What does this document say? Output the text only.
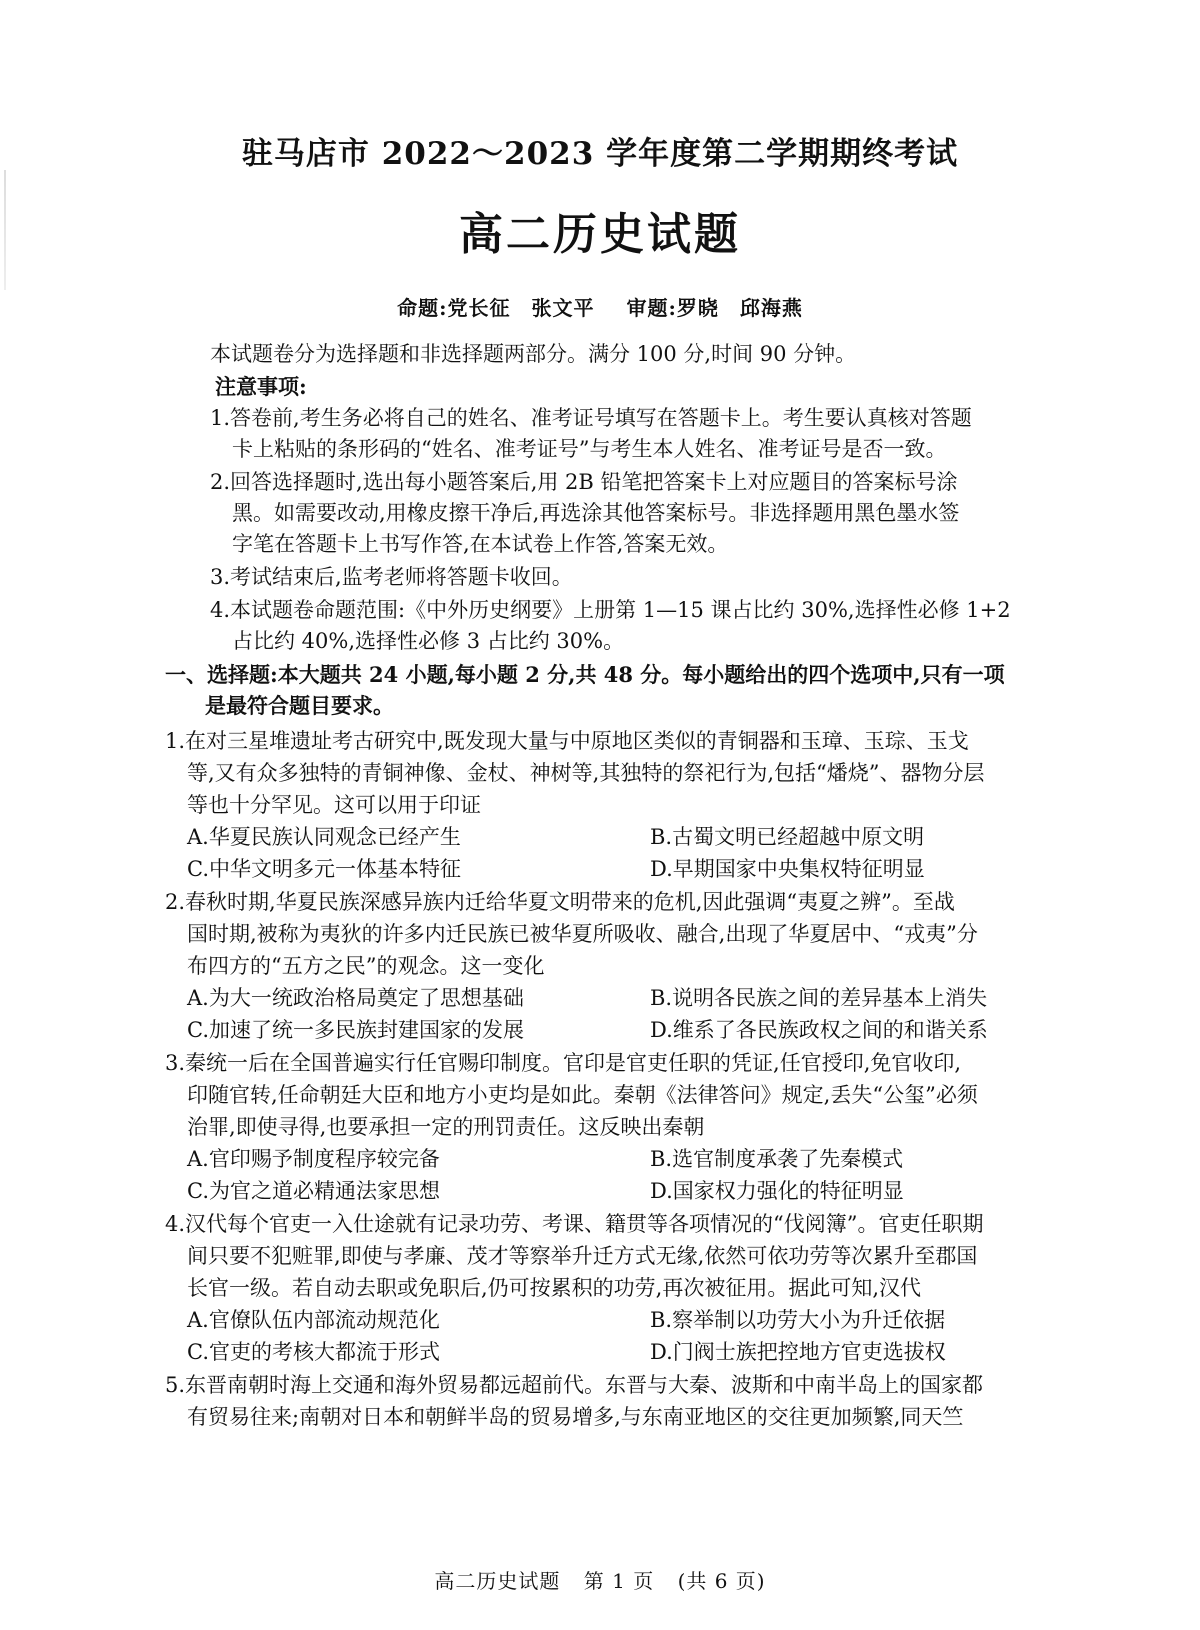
驻马店市 2022～2023 学年度第二学期期终考试
高二历史试题
命题:党长征　张文平 审题:罗晓　邱海燕
本试题卷分为选择题和非选择题两部分。满分 100 分,时间 90 分钟。
注意事项:
1.答卷前,考生务必将自己的姓名、准考证号填写在答题卡上。考生要认真核对答题
卡上粘贴的条形码的“姓名、准考证号”与考生本人姓名、准考证号是否一致。
2.回答选择题时,选出每小题答案后,用 2B 铅笔把答案卡上对应题目的答案标号涂
黑。如需要改动,用橡皮擦干净后,再选涂其他答案标号。非选择题用黑色墨水签
字笔在答题卡上书写作答,在本试卷上作答,答案无效。
3.考试结束后,监考老师将答题卡收回。
4.本试题卷命题范围:《中外历史纲要》上册第 1—15 课占比约 30%,选择性必修 1+2
占比约 40%,选择性必修 3 占比约 30%。
一、选择题:本大题共 24 小题,每小题 2 分,共 48 分。每小题给出的四个选项中,只有一项
是最符合题目要求。
1.在对三星堆遗址考古研究中,既发现大量与中原地区类似的青铜器和玉璋、玉琮、玉戈
等,又有众多独特的青铜神像、金杖、神树等,其独特的祭祀行为,包括“燔烧”、器物分层
等也十分罕见。这可以用于印证
A.华夏民族认同观念已经产生	B.古蜀文明已经超越中原文明
C.中华文明多元一体基本特征	D.早期国家中央集权特征明显
2.春秋时期,华夏民族深感异族内迁给华夏文明带来的危机,因此强调“夷夏之辨”。至战
国时期,被称为夷狄的许多内迁民族已被华夏所吸收、融合,出现了华夏居中、“戎夷”分
布四方的“五方之民”的观念。这一变化
A.为大一统政治格局奠定了思想基础	B.说明各民族之间的差异基本上消失
C.加速了统一多民族封建国家的发展	D.维系了各民族政权之间的和谐关系
3.秦统一后在全国普遍实行任官赐印制度。官印是官吏任职的凭证,任官授印,免官收印,
印随官转,任命朝廷大臣和地方小吏均是如此。秦朝《法律答问》规定,丢失“公玺”必须
治罪,即使寻得,也要承担一定的刑罚责任。这反映出秦朝
A.官印赐予制度程序较完备	B.选官制度承袭了先秦模式
C.为官之道必精通法家思想	D.国家权力强化的特征明显
4.汉代每个官吏一入仕途就有记录功劳、考课、籍贯等各项情况的“伐阅簿”。官吏任职期
间只要不犯赃罪,即使与孝廉、茂才等察举升迁方式无缘,依然可依功劳等次累升至郡国
长官一级。若自动去职或免职后,仍可按累积的功劳,再次被征用。据此可知,汉代
A.官僚队伍内部流动规范化	B.察举制以功劳大小为升迁依据
C.官吏的考核大都流于形式	D.门阀士族把控地方官吏选拔权
5.东晋南朝时海上交通和海外贸易都远超前代。东晋与大秦、波斯和中南半岛上的国家都
有贸易往来;南朝对日本和朝鲜半岛的贸易增多,与东南亚地区的交往更加频繁,同天竺
高二历史试题 第 1 页 (共 6 页)
